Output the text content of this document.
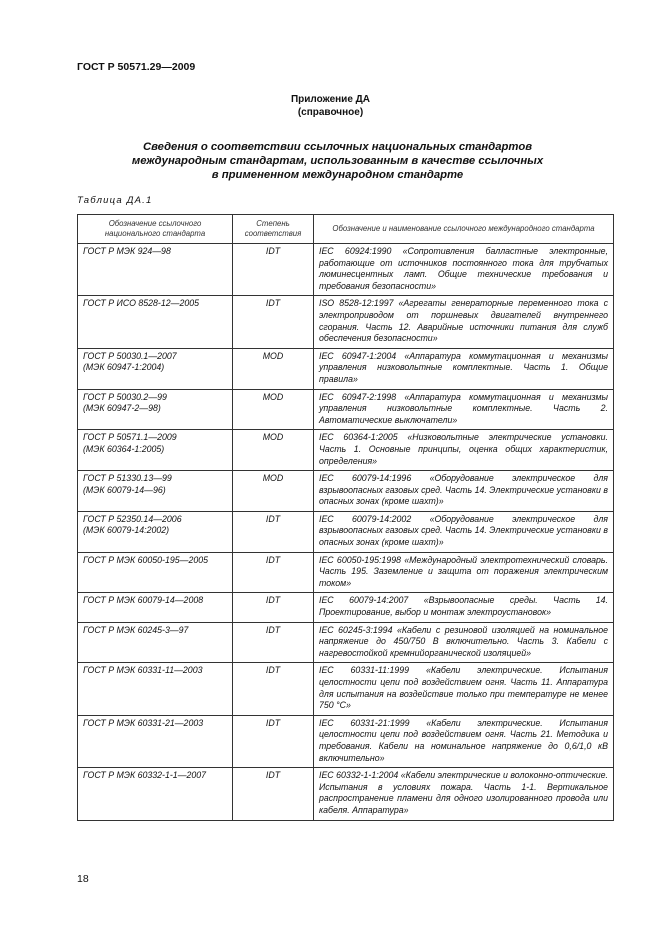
ГОСТ Р 50571.29—2009
Приложение ДА
(справочное)
Сведения о соответствии ссылочных национальных стандартов
международным стандартам, использованным в качестве ссылочных
в примененном международном стандарте
Таблица ДА.1
Обозначение ссылочного национального стандарта	Степень соответствия	Обозначение и наименование ссылочного международного стандарта
ГОСТ Р МЭК 924—98	IDT	IEC 60924:1990 «Сопротивления балластные электронные, работающие от источников постоянного тока для трубчатых люминесцентных ламп. Общие технические требования и требования безопасности»
ГОСТ Р ИСО 8528-12—2005	IDT	ISO 8528-12:1997 «Агрегаты генераторные переменного тока с электроприводом от поршневых двигателей внутреннего сгорания. Часть 12. Аварийные источники питания для служб обеспечения безопасности»
ГОСТ Р 50030.1—2007
(МЭК 60947-1:2004)	MOD	IEC 60947-1:2004 «Аппаратура коммутационная и механизмы управления низковольтные комплектные. Часть 1. Общие правила»
ГОСТ Р 50030.2—99
(МЭК 60947-2—98)	MOD	IEC 60947-2:1998 «Аппаратура коммутационная и механизмы управления низковольтные комплектные. Часть 2. Автоматические выключатели»
ГОСТ Р 50571.1—2009
(МЭК 60364-1:2005)	MOD	IEC 60364-1:2005 «Низковольтные электрические установки. Часть 1. Основные принципы, оценка общих характеристик, определения»
ГОСТ Р 51330.13—99
(МЭК 60079-14—96)	MOD	IEC 60079-14:1996 «Оборудование электрическое для взрывоопасных газовых сред. Часть 14. Электрические установки в опасных зонах (кроме шахт)»
ГОСТ Р 52350.14—2006
(МЭК 60079-14:2002)	IDT	IEC 60079-14:2002 «Оборудование электрическое для взрывоопасных газовых сред. Часть 14. Электрические установки в опасных зонах (кроме шахт)»
ГОСТ Р МЭК 60050-195—2005	IDT	IEC 60050-195:1998 «Международный электротехнический словарь. Часть 195. Заземление и защита от поражения электрическим током»
ГОСТ Р МЭК 60079-14—2008	IDT	IEC 60079-14:2007 «Взрывоопасные среды. Часть 14. Проектирование, выбор и монтаж электроустановок»
ГОСТ Р МЭК 60245-3—97	IDT	IEC 60245-3:1994 «Кабели с резиновой изоляцией на номинальное напряжение до 450/750 В включительно. Часть 3. Кабели с нагревостойкой кремнийорганической изоляцией»
ГОСТ Р МЭК 60331-11—2003	IDT	IEC 60331-11:1999 «Кабели электрические. Испытания целостности цепи под воздействием огня. Часть 11. Аппаратура для испытания на воздействие только при температуре не менее 750 °C»
ГОСТ Р МЭК 60331-21—2003	IDT	IEC 60331-21:1999 «Кабели электрические. Испытания целостности цепи под воздействием огня. Часть 21. Методика и требования. Кабели на номинальное напряжение до 0,6/1,0 кВ включительно»
ГОСТ Р МЭК 60332-1-1—2007	IDT	IEC 60332-1-1:2004 «Кабели электрические и волоконно-оптические. Испытания в условиях пожара. Часть 1-1. Вертикальное распространение пламени для одного изолированного провода или кабеля. Аппаратура»
18
